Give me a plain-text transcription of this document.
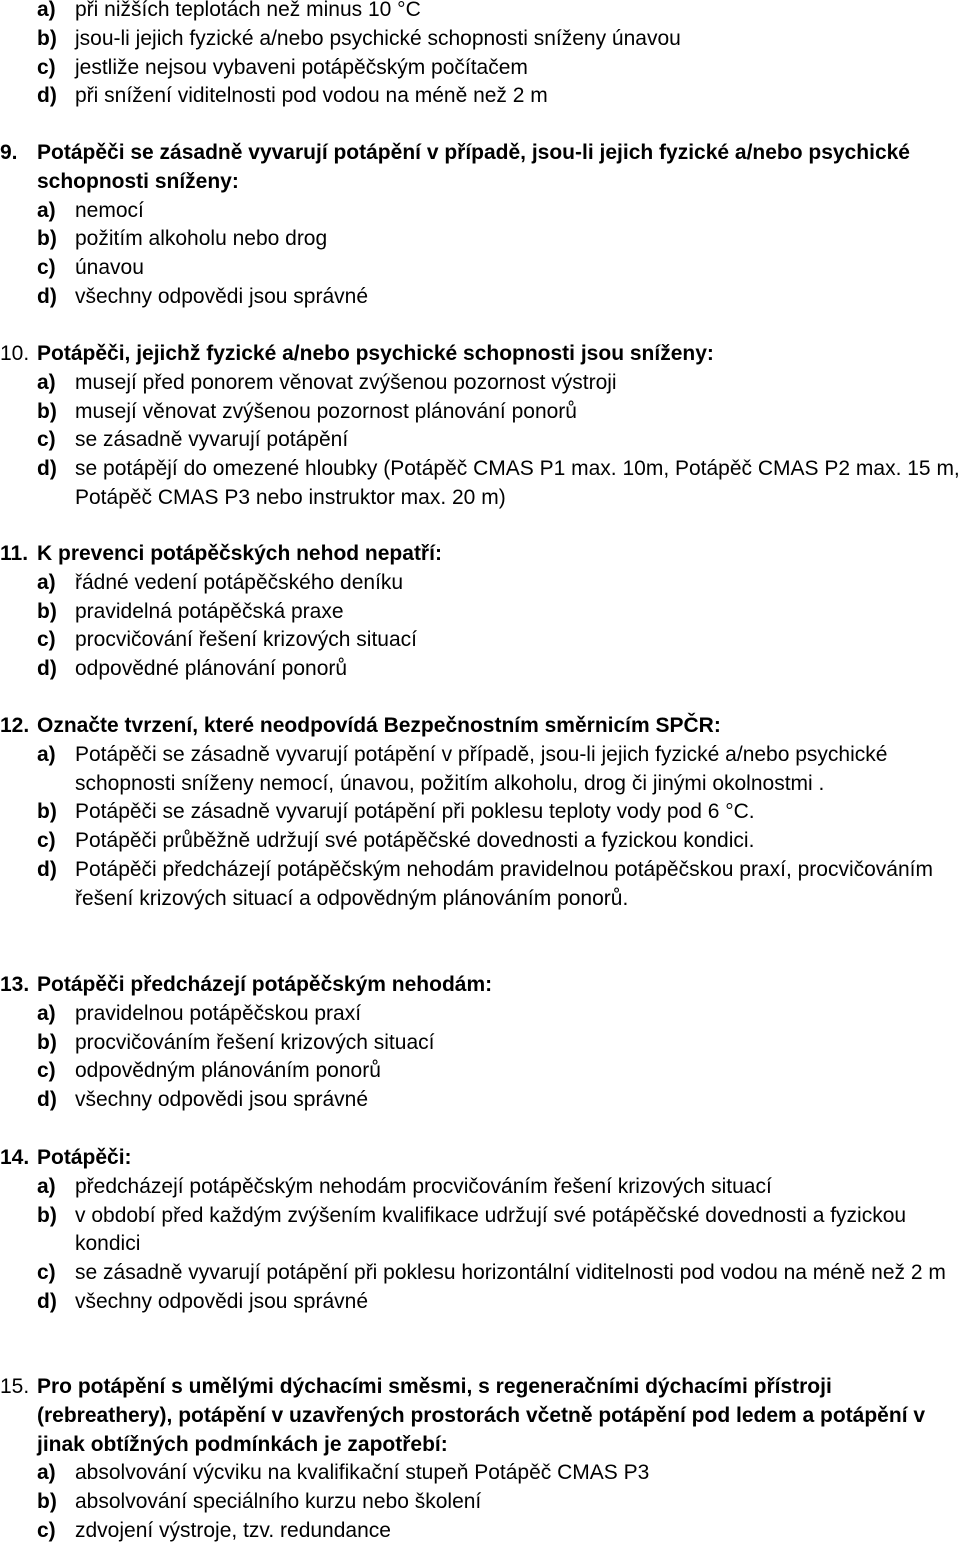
a) při nižších teplotách než minus 10 °C
b) jsou-li jejich fyzické a/nebo psychické schopnosti sníženy únavou
c) jestliže nejsou vybaveni potápěčským počítačem
d) při snížení viditelnosti pod vodou na méně než 2 m
9. Potápěči se zásadně vyvarují potápění v případě, jsou-li jejich fyzické a/nebo psychické schopnosti sníženy:
a) nemocí
b) požitím alkoholu nebo drog
c) únavou
d) všechny odpovědi jsou správné
10. Potápěči, jejichž fyzické a/nebo psychické schopnosti jsou sníženy:
a) musejí před ponorem věnovat zvýšenou pozornost výstroji
b) musejí věnovat zvýšenou pozornost plánování ponorů
c) se zásadně vyvarují potápění
d) se potápějí do omezené hloubky (Potápěč CMAS P1 max. 10m, Potápěč CMAS P2 max. 15 m, Potápěč CMAS P3 nebo instruktor max. 20 m)
11. K prevenci potápěčských nehod nepatří:
a) řádné vedení potápěčského deníku
b) pravidelná potápěčská praxe
c) procvičování řešení krizových situací
d) odpovědné plánování ponorů
12. Označte tvrzení, které neodpovídá Bezpečnostním směrnicím SPČR:
a) Potápěči se zásadně vyvarují potápění v případě, jsou-li jejich fyzické a/nebo psychické schopnosti sníženy nemocí, únavou, požitím alkoholu, drog či jinými okolnostmi .
b) Potápěči se zásadně vyvarují potápění při poklesu teploty vody pod 6 °C.
c) Potápěči průběžně udržují své potápěčské dovednosti a fyzickou kondici.
d) Potápěči předcházejí potápěčským nehodám pravidelnou potápěčskou praxí, procvičováním řešení krizových situací a odpovědným plánováním ponorů.
13. Potápěči předcházejí potápěčským nehodám:
a) pravidelnou potápěčskou praxí
b) procvičováním řešení krizových situací
c) odpovědným plánováním ponorů
d) všechny odpovědi jsou správné
14. Potápěči:
a) předcházejí potápěčským nehodám procvičováním řešení krizových situací
b) v období před každým zvýšením kvalifikace udržují své potápěčské dovednosti a fyzickou kondici
c) se zásadně vyvarují potápění při poklesu horizontální viditelnosti pod vodou na méně než 2 m
d) všechny odpovědi jsou správné
15. Pro potápění s umělými dýchacími směsmi, s regeneračními dýchacími přístroji (rebreathery), potápění v uzavřených prostorách včetně potápění pod ledem a potápění v jinak obtížných podmínkách je zapotřebí:
a) absolvování výcviku na kvalifikační stupeň Potápěč CMAS P3
b) absolvování speciálního kurzu nebo školení
c) zdvojení výstroje, tzv. redundance
